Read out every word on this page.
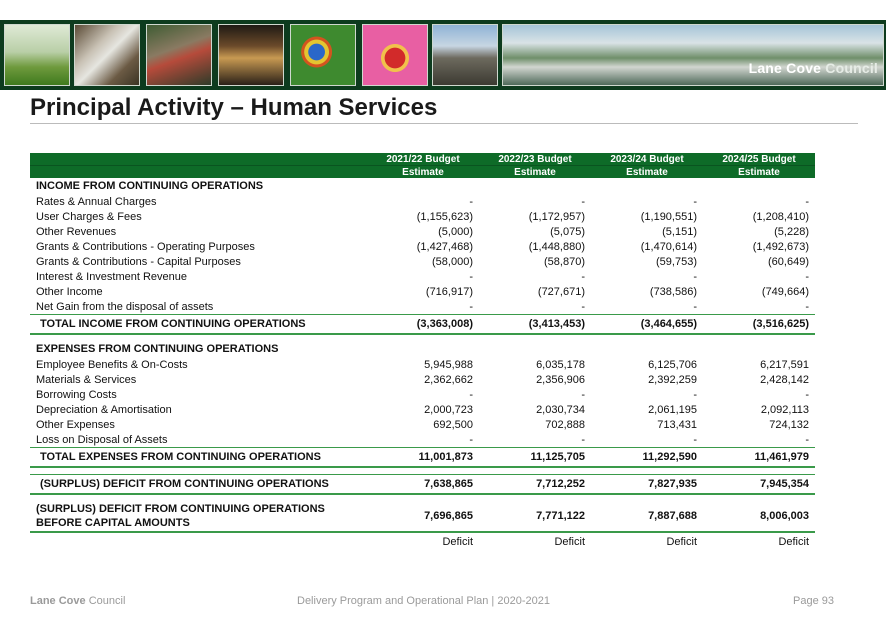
Lane Cove Council
Principal Activity – Human Services
	2021/22 Budget	2022/23 Budget	2023/24 Budget	2024/25 Budget
	Estimate	Estimate	Estimate	Estimate
INCOME FROM CONTINUING OPERATIONS				
Rates & Annual Charges	-	-	-	-
User Charges & Fees	(1,155,623)	(1,172,957)	(1,190,551)	(1,208,410)
Other Revenues	(5,000)	(5,075)	(5,151)	(5,228)
Grants & Contributions - Operating Purposes	(1,427,468)	(1,448,880)	(1,470,614)	(1,492,673)
Grants & Contributions - Capital Purposes	(58,000)	(58,870)	(59,753)	(60,649)
Interest & Investment Revenue	-	-	-	-
Other Income	(716,917)	(727,671)	(738,586)	(749,664)
Net Gain from the disposal of assets	-	-	-	-
TOTAL INCOME FROM CONTINUING OPERATIONS	(3,363,008)	(3,413,453)	(3,464,655)	(3,516,625)

EXPENSES FROM CONTINUING OPERATIONS				
Employee Benefits & On-Costs	5,945,988	6,035,178	6,125,706	6,217,591
Materials & Services	2,362,662	2,356,906	2,392,259	2,428,142
Borrowing Costs	-	-	-	-
Depreciation & Amortisation	2,000,723	2,030,734	2,061,195	2,092,113
Other Expenses	692,500	702,888	713,431	724,132
Loss on Disposal of Assets	-	-	-	-
TOTAL EXPENSES FROM CONTINUING OPERATIONS	11,001,873	11,125,705	11,292,590	11,461,979

(SURPLUS) DEFICIT FROM CONTINUING OPERATIONS	7,638,865	7,712,252	7,827,935	7,945,354

(SURPLUS) DEFICIT FROM CONTINUING OPERATIONS
BEFORE CAPITAL AMOUNTS	7,696,865	7,771,122	7,887,688	8,006,003
	Deficit	Deficit	Deficit	Deficit
Lane Cove Council	Delivery Program and Operational Plan | 2020-2021	Page 93
